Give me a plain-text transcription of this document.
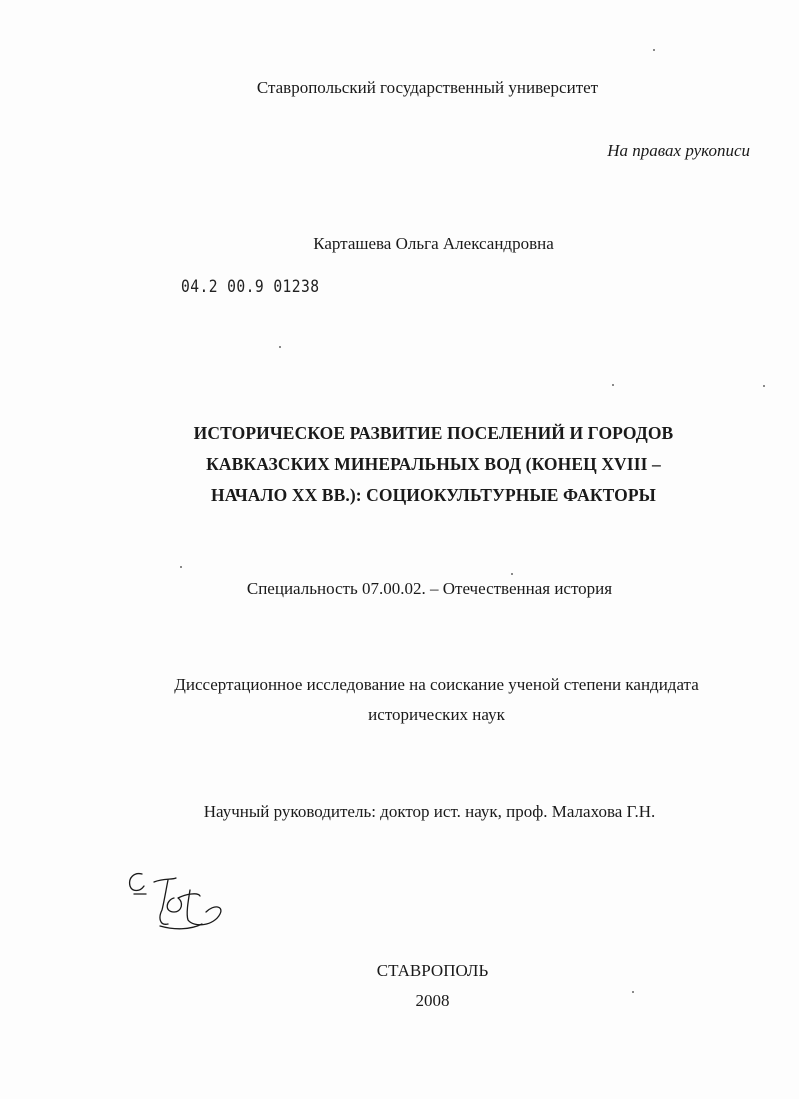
Ставропольский государственный университет
На правах рукописи
Карташева Ольга Александровна
04.2 00.9 01238
ИСТОРИЧЕСКОЕ РАЗВИТИЕ ПОСЕЛЕНИЙ И ГОРОДОВ
КАВКАЗСКИХ МИНЕРАЛЬНЫХ ВОД (КОНЕЦ XVIII –
НАЧАЛО XX ВВ.): СОЦИОКУЛЬТУРНЫЕ ФАКТОРЫ
Специальность 07.00.02. – Отечественная история
Диссертационное исследование на соискание ученой степени кандидата
исторических наук
Научный руководитель: доктор ист. наук, проф. Малахова Г.Н.
СТАВРОПОЛЬ
2008
